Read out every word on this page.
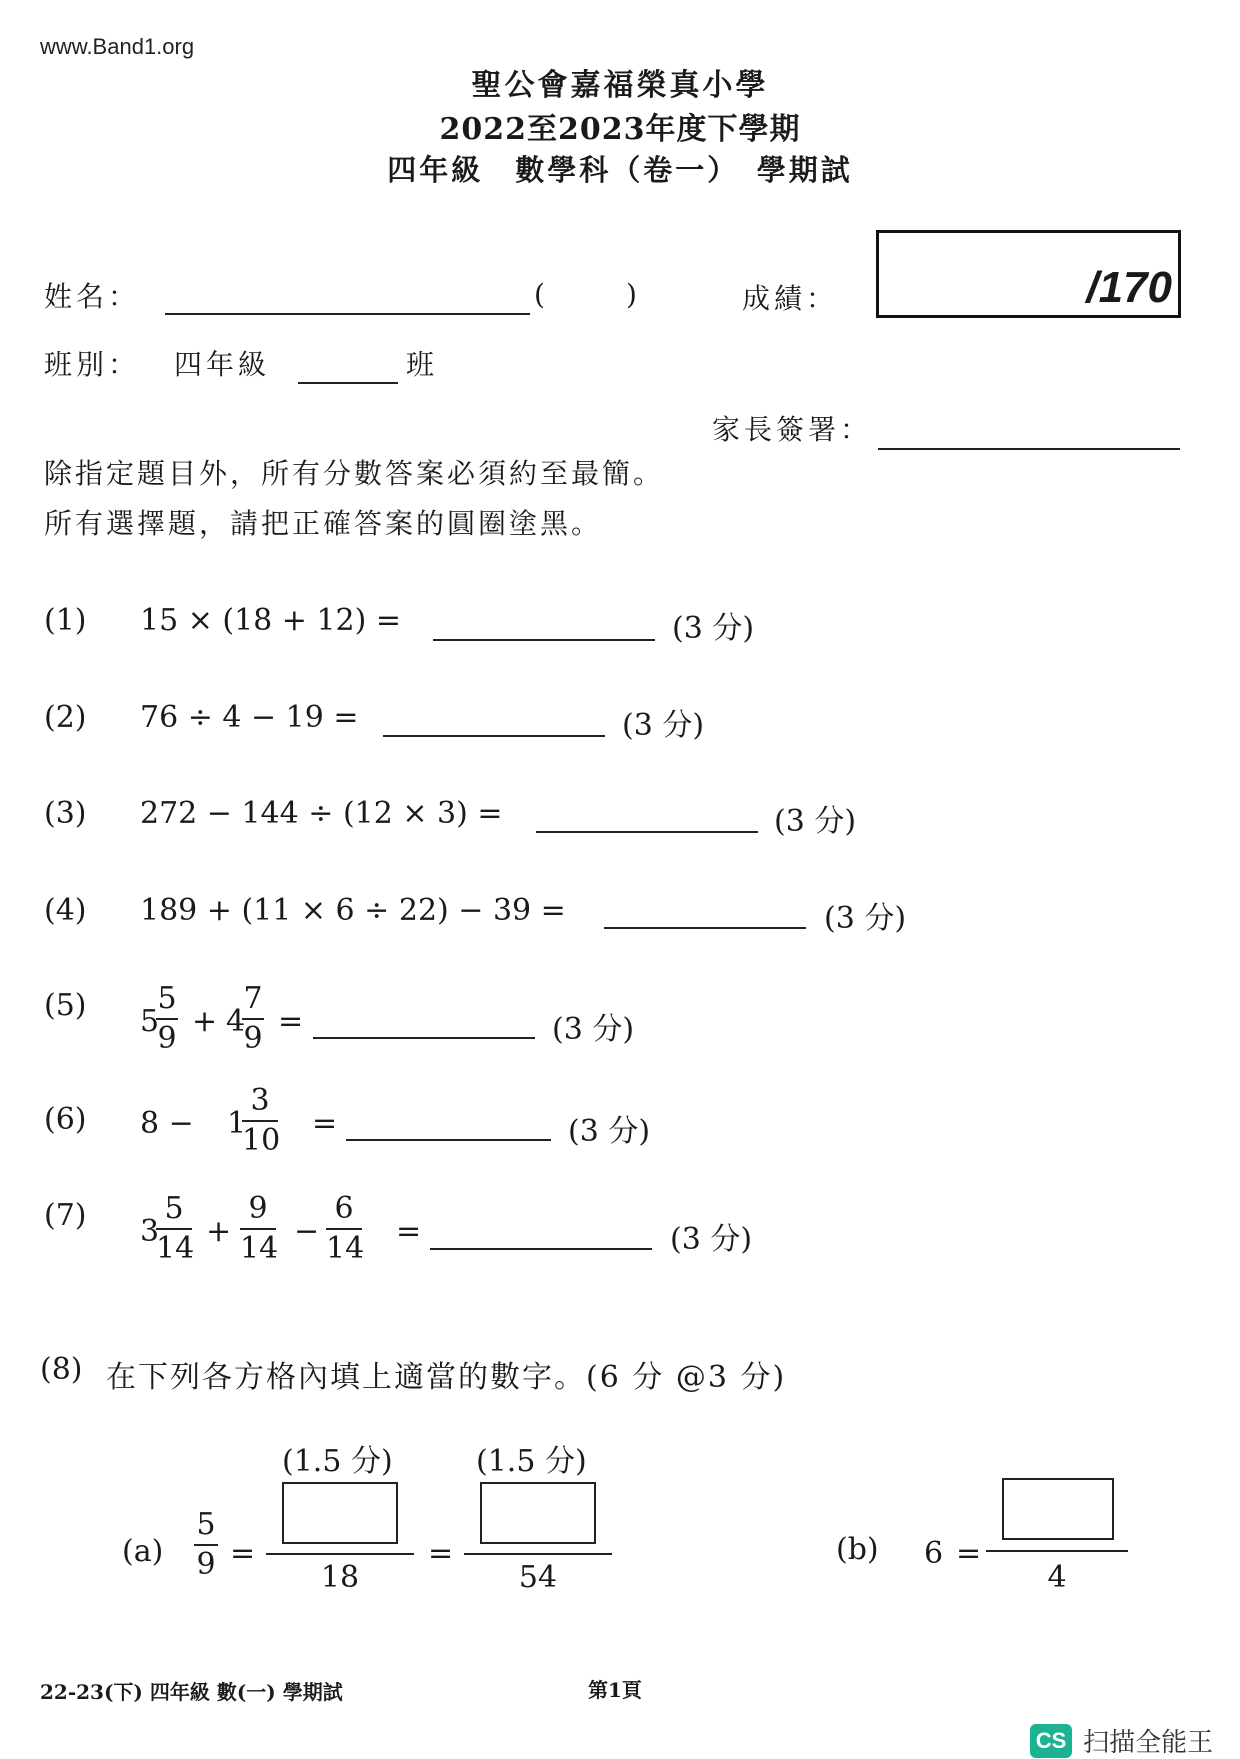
www.Band1.org
聖公會嘉福榮真小學
2022至2023年度下學期
四年級　數學科（卷一）　學期試
姓名：	(	)	成績：	/170
班別： 四年級	班
家長簽署：
除指定題目外，所有分數答案必須約至最簡。
所有選擇題，請把正確答案的圓圈塗黑。
(1) 15 × (18 + 12) =	(3 分)
(2) 76 ÷ 4 − 19 =	(3 分)
(3) 272 − 144 ÷ (12 × 3) =	(3 分)
(4) 189 + (11 × 6 ÷ 22) − 39 =	(3 分)
(5) 5
5
9 + 4
7
9 =	(3 分)
(6) 8 − 1
3
10 =	(3 分)
(7) 3
5
14 +
9
14 −
6
14 =	(3 分)
(8) 在下列各方格內填上適當的數字。(6 分 @3 分)
(1.5 分)	(1.5 分)
(a)
5
9 =
18
=
54
(b) 6 =
4
22-23(下) 四年級 數(一) 學期試	第1頁
CS 扫描全能王
